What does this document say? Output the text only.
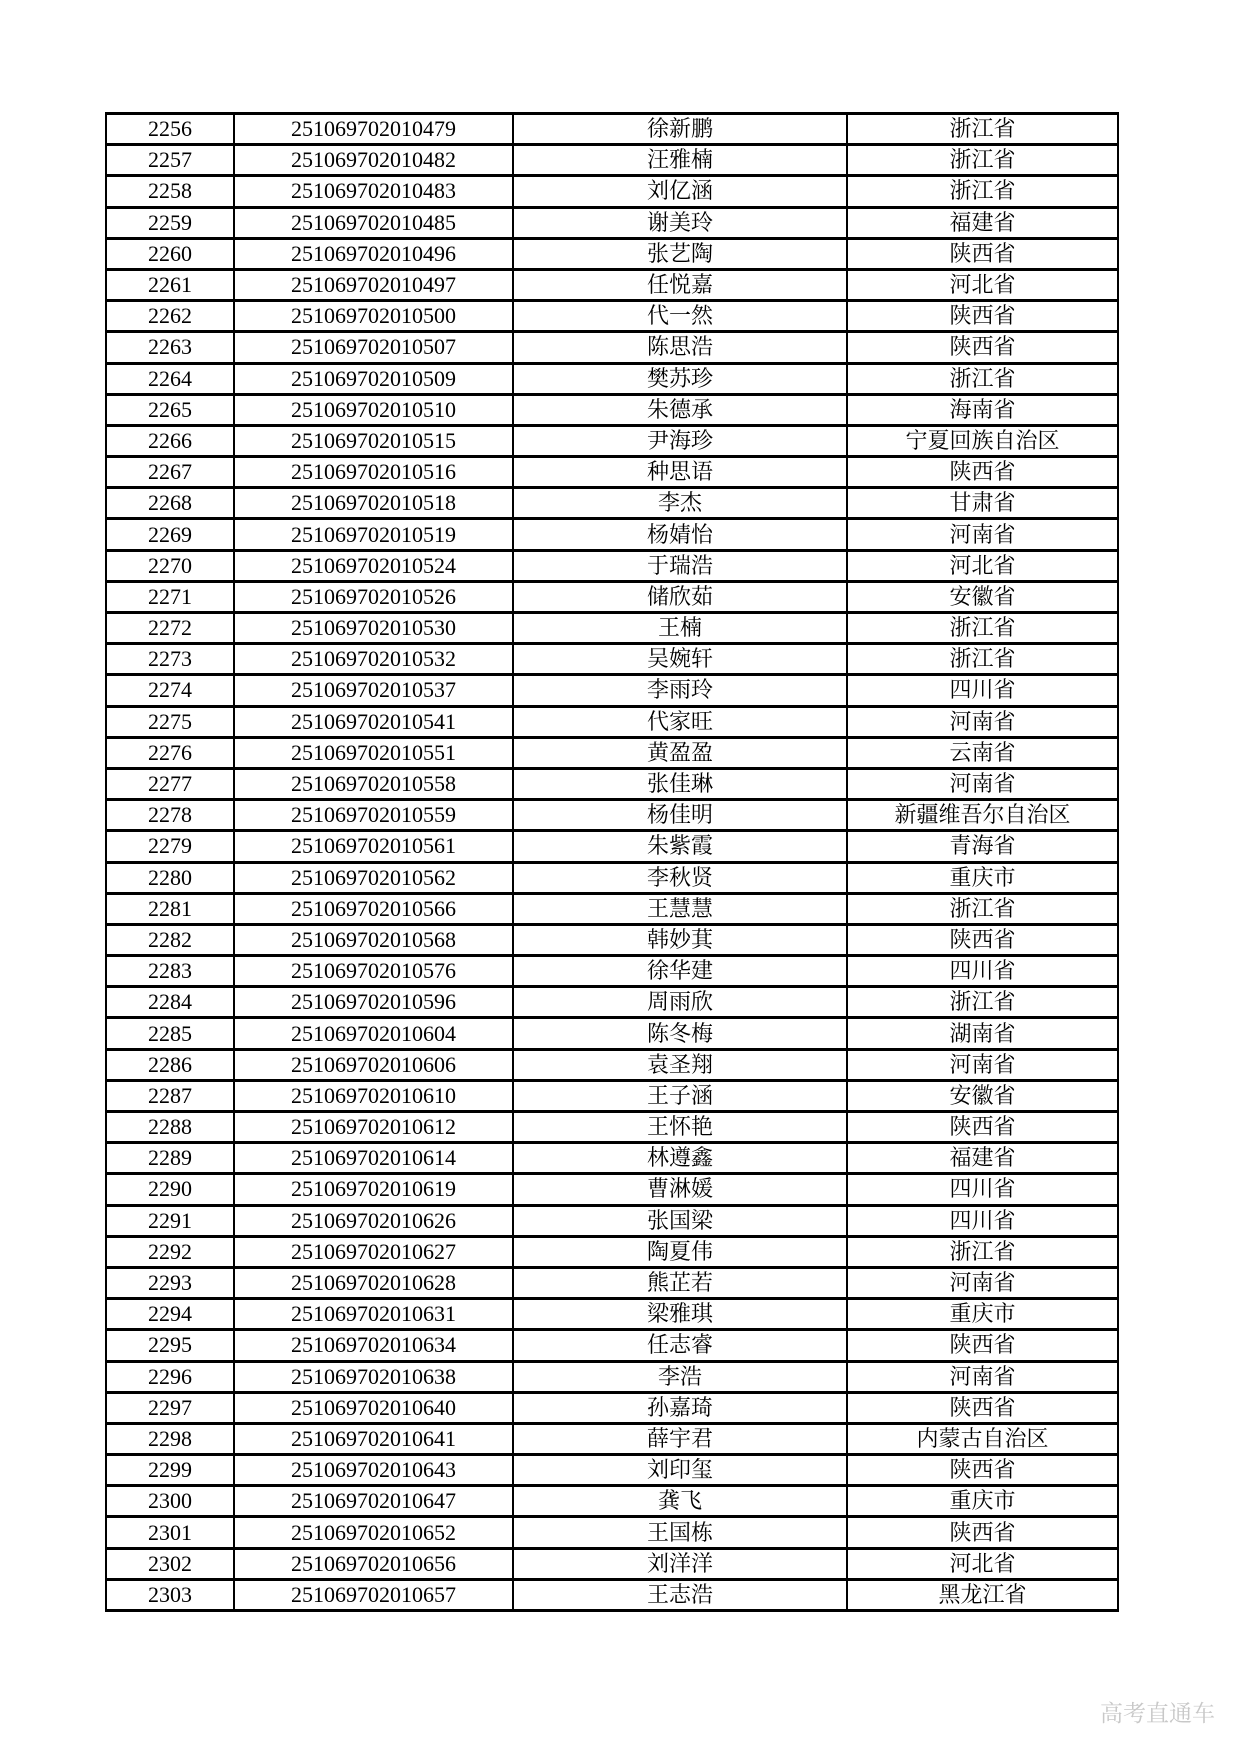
2256	251069702010479	徐新鹏	浙江省
2257	251069702010482	汪雅楠	浙江省
2258	251069702010483	刘亿涵	浙江省
2259	251069702010485	谢美玲	福建省
2260	251069702010496	张艺陶	陕西省
2261	251069702010497	任悦嘉	河北省
2262	251069702010500	代一然	陕西省
2263	251069702010507	陈思浩	陕西省
2264	251069702010509	樊苏珍	浙江省
2265	251069702010510	朱德承	海南省
2266	251069702010515	尹海珍	宁夏回族自治区
2267	251069702010516	种思语	陕西省
2268	251069702010518	李杰	甘肃省
2269	251069702010519	杨婧怡	河南省
2270	251069702010524	于瑞浩	河北省
2271	251069702010526	储欣茹	安徽省
2272	251069702010530	王楠	浙江省
2273	251069702010532	吴婉轩	浙江省
2274	251069702010537	李雨玲	四川省
2275	251069702010541	代家旺	河南省
2276	251069702010551	黄盈盈	云南省
2277	251069702010558	张佳琳	河南省
2278	251069702010559	杨佳明	新疆维吾尔自治区
2279	251069702010561	朱紫霞	青海省
2280	251069702010562	李秋贤	重庆市
2281	251069702010566	王慧慧	浙江省
2282	251069702010568	韩妙萁	陕西省
2283	251069702010576	徐华建	四川省
2284	251069702010596	周雨欣	浙江省
2285	251069702010604	陈冬梅	湖南省
2286	251069702010606	袁圣翔	河南省
2287	251069702010610	王子涵	安徽省
2288	251069702010612	王怀艳	陕西省
2289	251069702010614	林遵鑫	福建省
2290	251069702010619	曹淋媛	四川省
2291	251069702010626	张国梁	四川省
2292	251069702010627	陶夏伟	浙江省
2293	251069702010628	熊芷若	河南省
2294	251069702010631	梁雅琪	重庆市
2295	251069702010634	任志睿	陕西省
2296	251069702010638	李浩	河南省
2297	251069702010640	孙嘉琦	陕西省
2298	251069702010641	薛宇君	内蒙古自治区
2299	251069702010643	刘印玺	陕西省
2300	251069702010647	龚飞	重庆市
2301	251069702010652	王国栋	陕西省
2302	251069702010656	刘洋洋	河北省
2303	251069702010657	王志浩	黑龙江省
高考直通车
